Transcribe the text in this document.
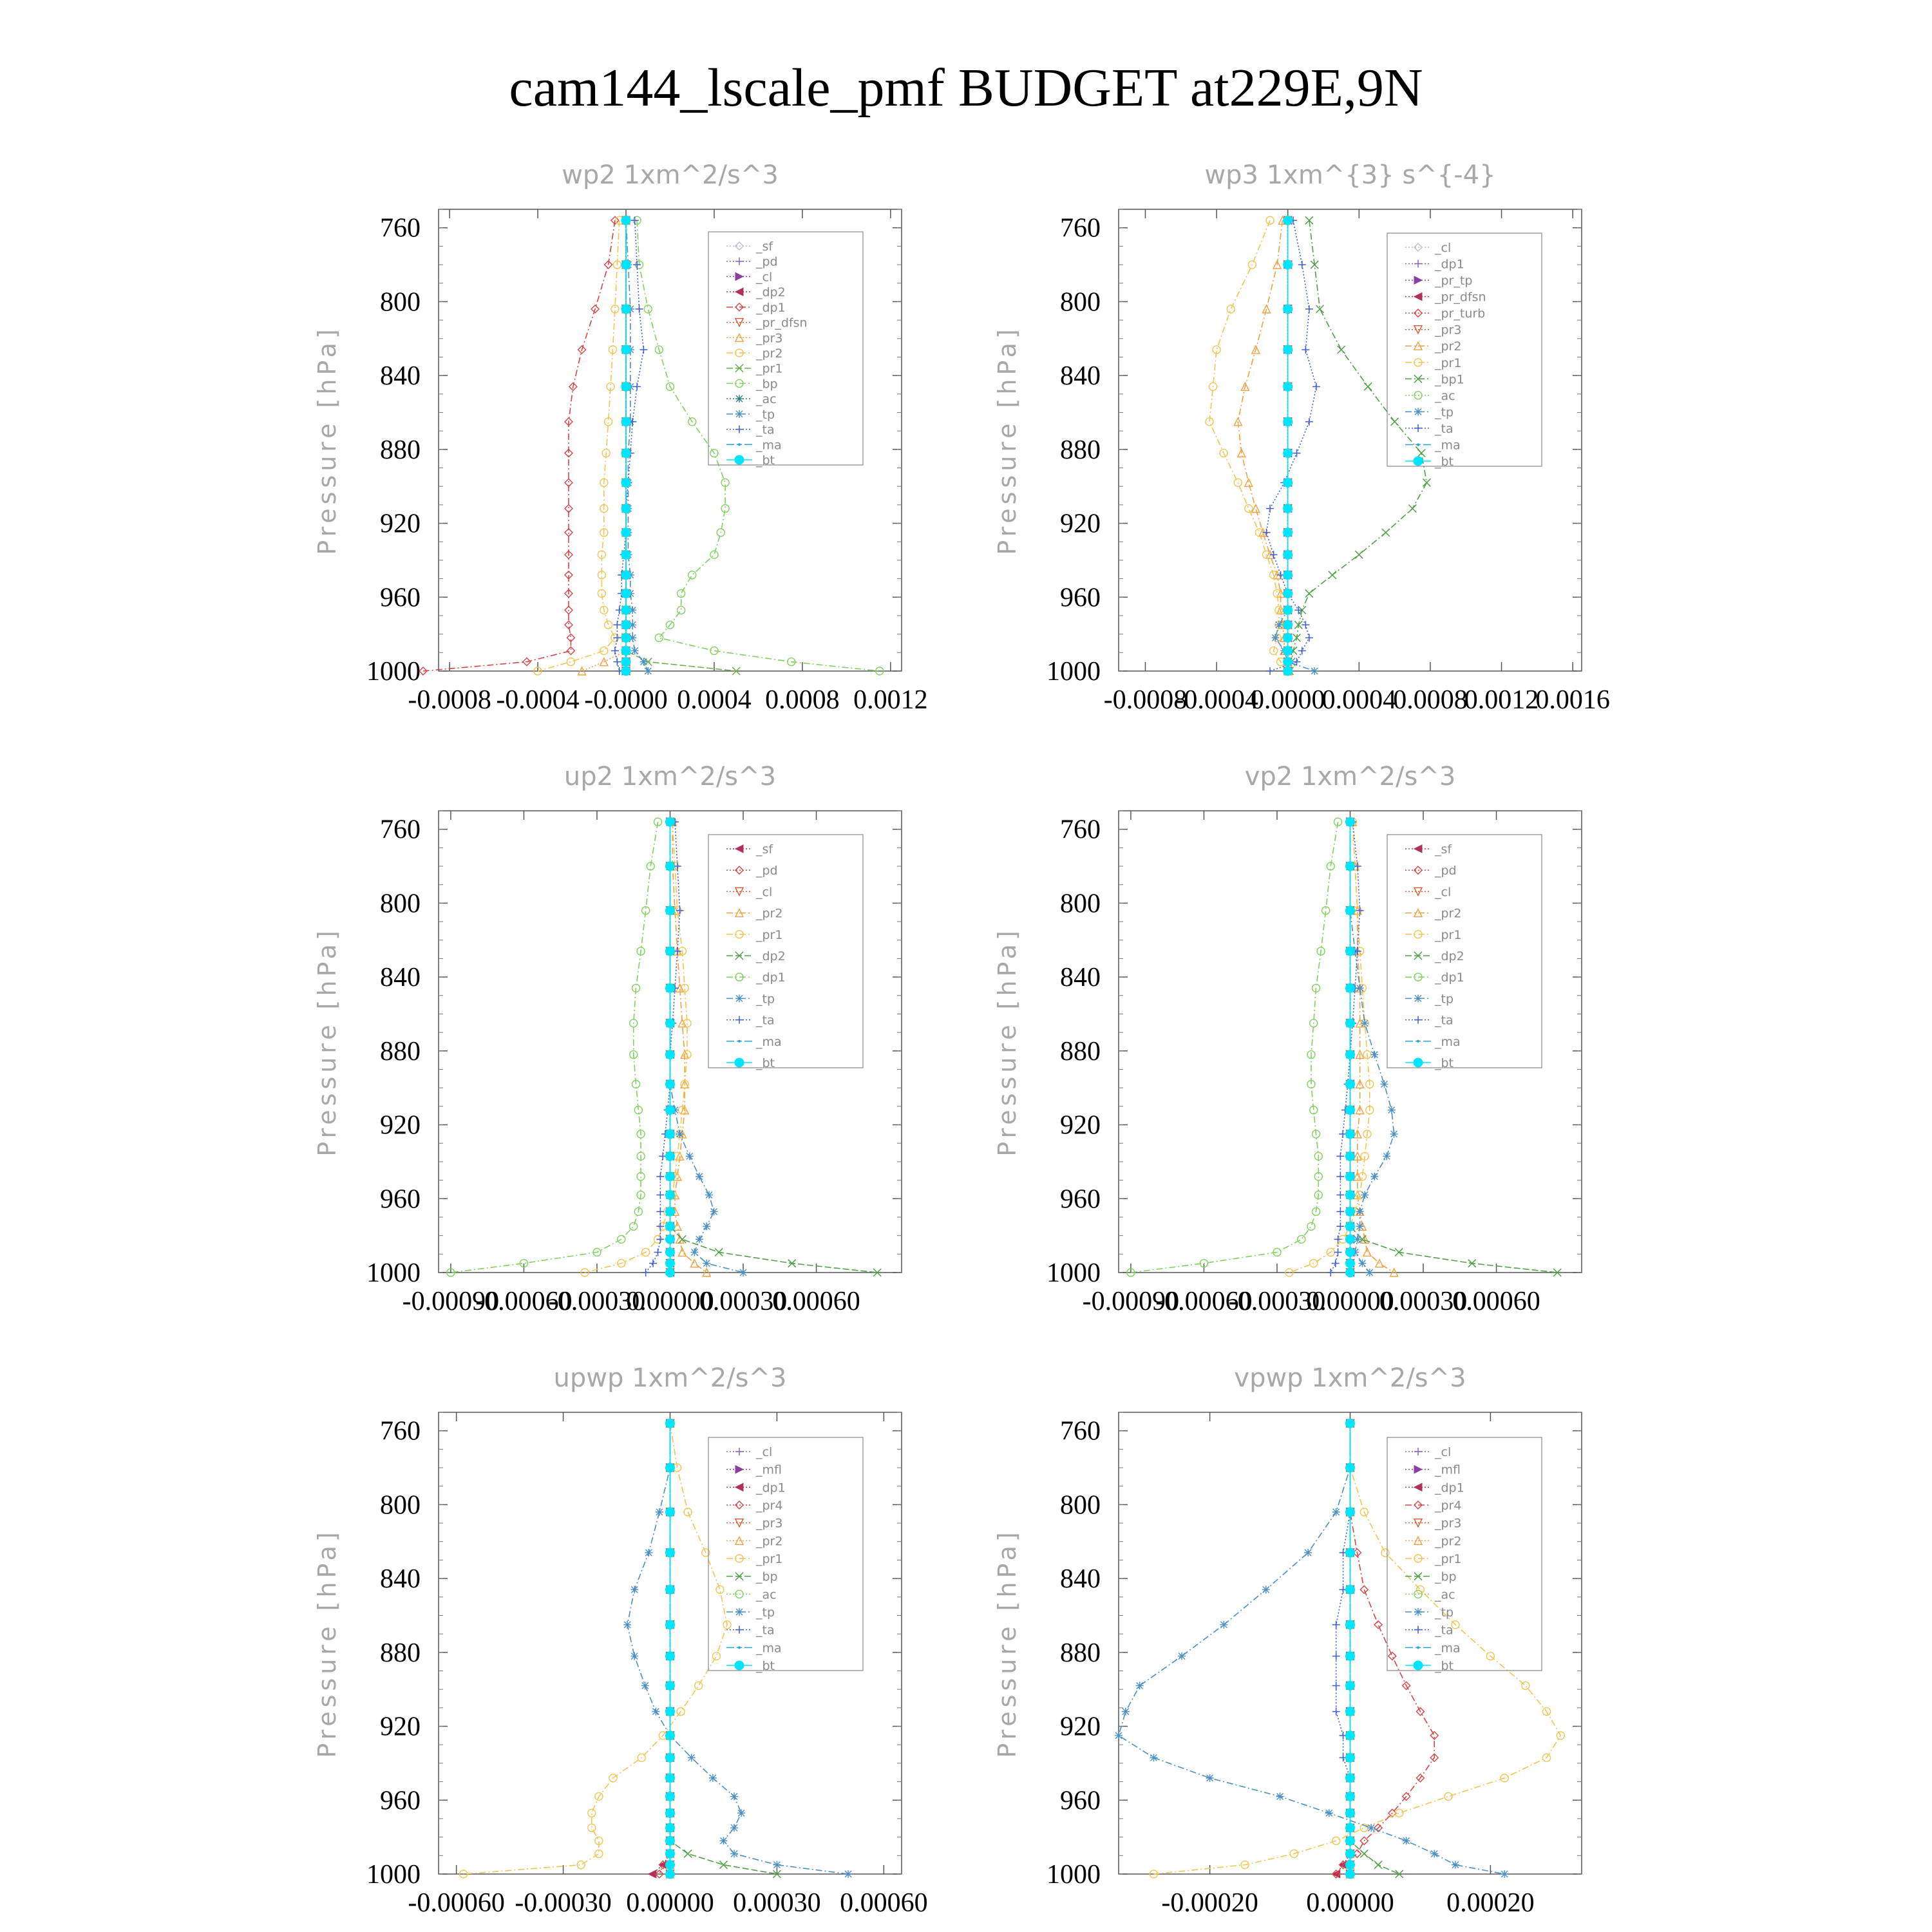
cam144_lscale_pmf BUDGET at229E,9N
wp2 1xm^2/s^3
Pressure [hPa]
760
800
840
880
920
960
1000
-0.0008 -0.0004 -0.0000 0.0004 0.0008 0.0012
_sf
_pd
_cl
_dp2
_dp1
_pr_dfsn
_pr3
_pr2
_pr1
_bp
_ac
_tp
_ta
_ma
_bt
wp3 1xm^{3} s^{-4}
Pressure [hPa]
760
800
840
880
920
960
1000
-0.0008
-0.0004
0.0000
0.0004
0.0008
0.0012
0.0016
_cl
_dp1
_pr_tp
_pr_dfsn
_pr_turb
_pr3
_pr2
_pr1
_bp1
_ac
_tp
_ta
_ma
_bt
up2 1xm^2/s^3
Pressure [hPa]
760
800
840
880
920
960
1000
-0.00090
-0.00060
-0.00030
0.00000
0.00030
0.00060
_sf
_pd
_cl
_pr2
_pr1
_dp2
_dp1
_tp
_ta
_ma
_bt
vp2 1xm^2/s^3
Pressure [hPa]
760
800
840
880
920
960
1000
-0.00090
-0.00060
-0.00030
0.00000
0.00030
0.00060
_sf
_pd
_cl
_pr2
_pr1
_dp2
_dp1
_tp
_ta
_ma
_bt
upwp 1xm^2/s^3
Pressure [hPa]
760
800
840
880
920
960
1000
-0.00060 -0.00030 0.00000 0.00030 0.00060
_cl
_mfl
_dp1
_pr4
_pr3
_pr2
_pr1
_bp
_ac
_tp
_ta
_ma
_bt
vpwp 1xm^2/s^3
Pressure [hPa]
760
800
840
880
920
960
1000
-0.00020 0.00000 0.00020
_cl
_mfl
_dp1
_pr4
_pr3
_pr2
_pr1
_bp
_ac
_tp
_ta
_ma
_bt
